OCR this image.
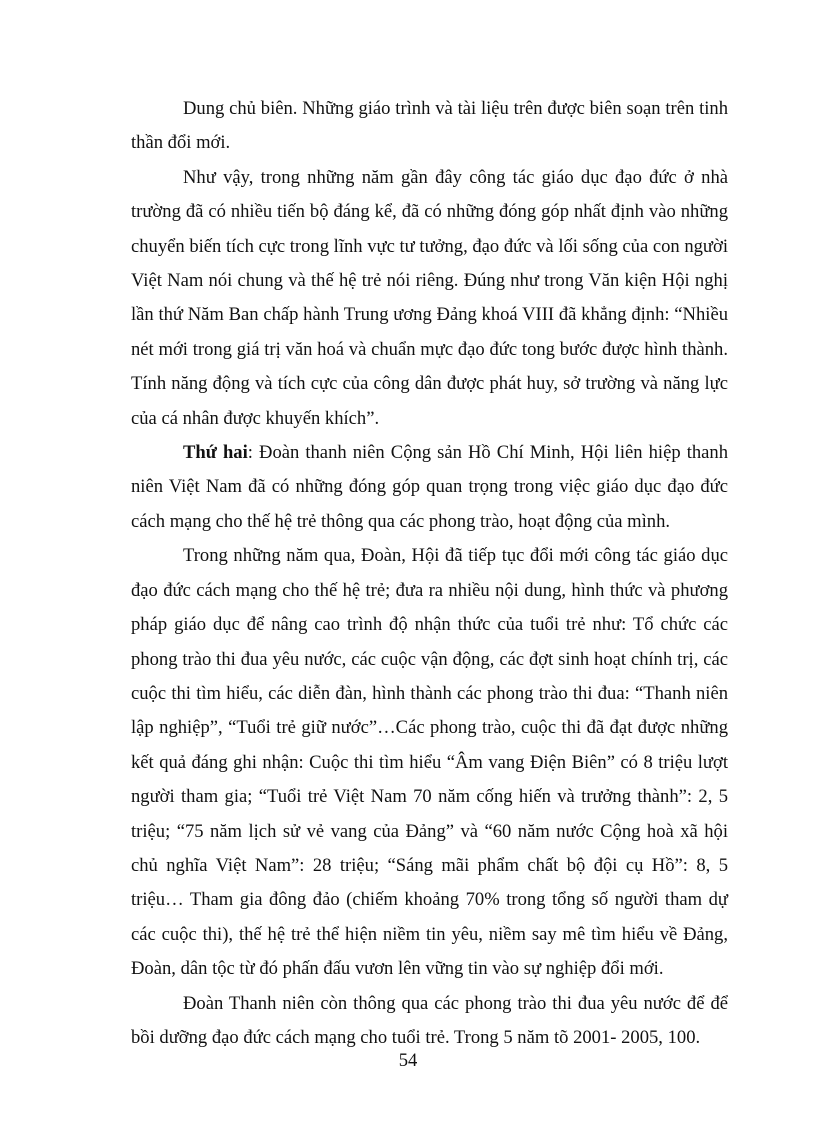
Dung chủ biên. Những giáo trình và tài liệu trên được biên soạn trên tinh thần đổi mới.

Như vậy, trong những năm gần đây công tác giáo dục đạo đức ở nhà trường đã có nhiều tiến bộ đáng kể, đã có những đóng góp nhất định vào những chuyển biến tích cực trong lĩnh vực tư tưởng, đạo đức và lối sống của con người Việt Nam nói chung và thế hệ trẻ nói riêng. Đúng như trong Văn kiện Hội nghị lần thứ Năm Ban chấp hành Trung ương Đảng khoá VIII đã khẳng định: “Nhiều nét mới trong giá trị văn hoá và chuẩn mực đạo đức tong bước được hình thành. Tính năng động và tích cực của công dân được phát huy, sở trường và năng lực của cá nhân được khuyến khích”.

Thứ hai: Đoàn thanh niên Cộng sản Hồ Chí Minh, Hội liên hiệp thanh niên Việt Nam đã có những đóng góp quan trọng trong việc giáo dục đạo đức cách mạng cho thế hệ trẻ thông qua các phong trào, hoạt động của mình.

Trong những năm qua, Đoàn, Hội đã tiếp tục đổi mới công tác giáo dục đạo đức cách mạng cho thế hệ trẻ; đưa ra nhiều nội dung, hình thức và phương pháp giáo dục để nâng cao trình độ nhận thức của tuổi trẻ như: Tổ chức các phong trào thi đua yêu nước, các cuộc vận động, các đợt sinh hoạt chính trị, các cuộc thi tìm hiểu, các diễn đàn, hình thành các phong trào thi đua: “Thanh niên lập nghiệp”, “Tuổi trẻ giữ nước”…Các phong trào, cuộc thi đã đạt được những kết quả đáng ghi nhận: Cuộc thi tìm hiểu “Âm vang Điện Biên” có 8 triệu lượt người tham gia; “Tuổi trẻ Việt Nam 70 năm cống hiến và trưởng thành”: 2, 5 triệu; “75 năm lịch sử vẻ vang của Đảng” và “60 năm nước Cộng hoà xã hội chủ nghĩa Việt Nam”: 28 triệu; “Sáng mãi phẩm chất bộ đội cụ Hồ”: 8, 5 triệu… Tham gia đông đảo (chiếm khoảng 70% trong tổng số người tham dự các cuộc thi), thế hệ trẻ thể hiện niềm tin yêu, niềm say mê tìm hiểu về Đảng, Đoàn, dân tộc từ đó phấn đấu vươn lên vững tin vào sự nghiệp đổi mới.

Đoàn Thanh niên còn thông qua các phong trào thi đua yêu nước để để bồi dưỡng đạo đức cách mạng cho tuổi trẻ. Trong 5 năm tõ 2001- 2005, 100.

54
